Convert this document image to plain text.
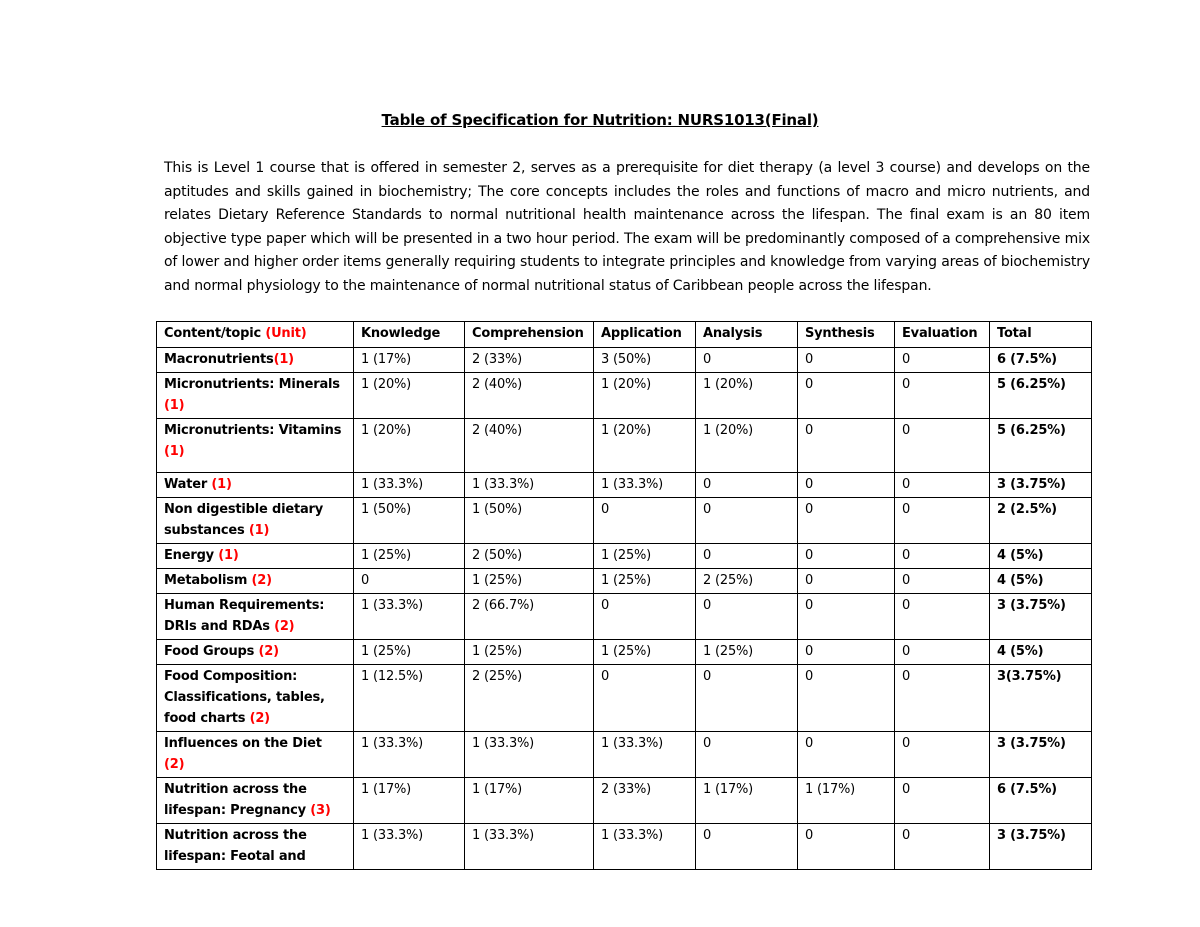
Table of Specification for Nutrition: NURS1013(Final)

This is Level 1 course that is offered in semester 2, serves as a prerequisite for diet therapy (a level 3 course) and develops on the aptitudes and skills gained in biochemistry; The core concepts includes the roles and functions of macro and micro nutrients, and relates Dietary Reference Standards to normal nutritional health maintenance across the lifespan. The final exam is an 80 item objective type paper which will be presented in a two hour period. The exam will be predominantly composed of a comprehensive mix of lower and higher order items generally requiring students to integrate principles and knowledge from varying areas of biochemistry and normal physiology to the maintenance of normal nutritional status of Caribbean people across the lifespan.

Content/topic (Unit)	Knowledge	Comprehension	Application	Analysis	Synthesis	Evaluation	Total
Macronutrients(1)	1 (17%)	2 (33%)	3 (50%)	0	0	0	6 (7.5%)
Micronutrients: Minerals (1)	1 (20%)	2 (40%)	1 (20%)	1 (20%)	0	0	5 (6.25%)
Micronutrients: Vitamins (1)	1 (20%)	2 (40%)	1 (20%)	1 (20%)	0	0	5 (6.25%)
Water (1)	1 (33.3%)	1 (33.3%)	1 (33.3%)	0	0	0	3 (3.75%)
Non digestible dietary substances (1)	1 (50%)	1 (50%)	0	0	0	0	2 (2.5%)
Energy (1)	1 (25%)	2 (50%)	1 (25%)	0	0	0	4 (5%)
Metabolism (2)	0	1 (25%)	1 (25%)	2 (25%)	0	0	4 (5%)
Human Requirements: DRIs and RDAs (2)	1 (33.3%)	2 (66.7%)	0	0	0	0	3 (3.75%)
Food Groups (2)	1 (25%)	1 (25%)	1 (25%)	1 (25%)	0	0	4 (5%)
Food Composition: Classifications, tables, food charts (2)	1 (12.5%)	2 (25%)	0	0	0	0	3(3.75%)
Influences on the Diet (2)	1 (33.3%)	1 (33.3%)	1 (33.3%)	0	0	0	3 (3.75%)
Nutrition across the lifespan: Pregnancy (3)	1 (17%)	1 (17%)	2 (33%)	1 (17%)	1 (17%)	0	6 (7.5%)
Nutrition across the lifespan: Feotal and	1 (33.3%)	1 (33.3%)	1 (33.3%)	0	0	0	3 (3.75%)
